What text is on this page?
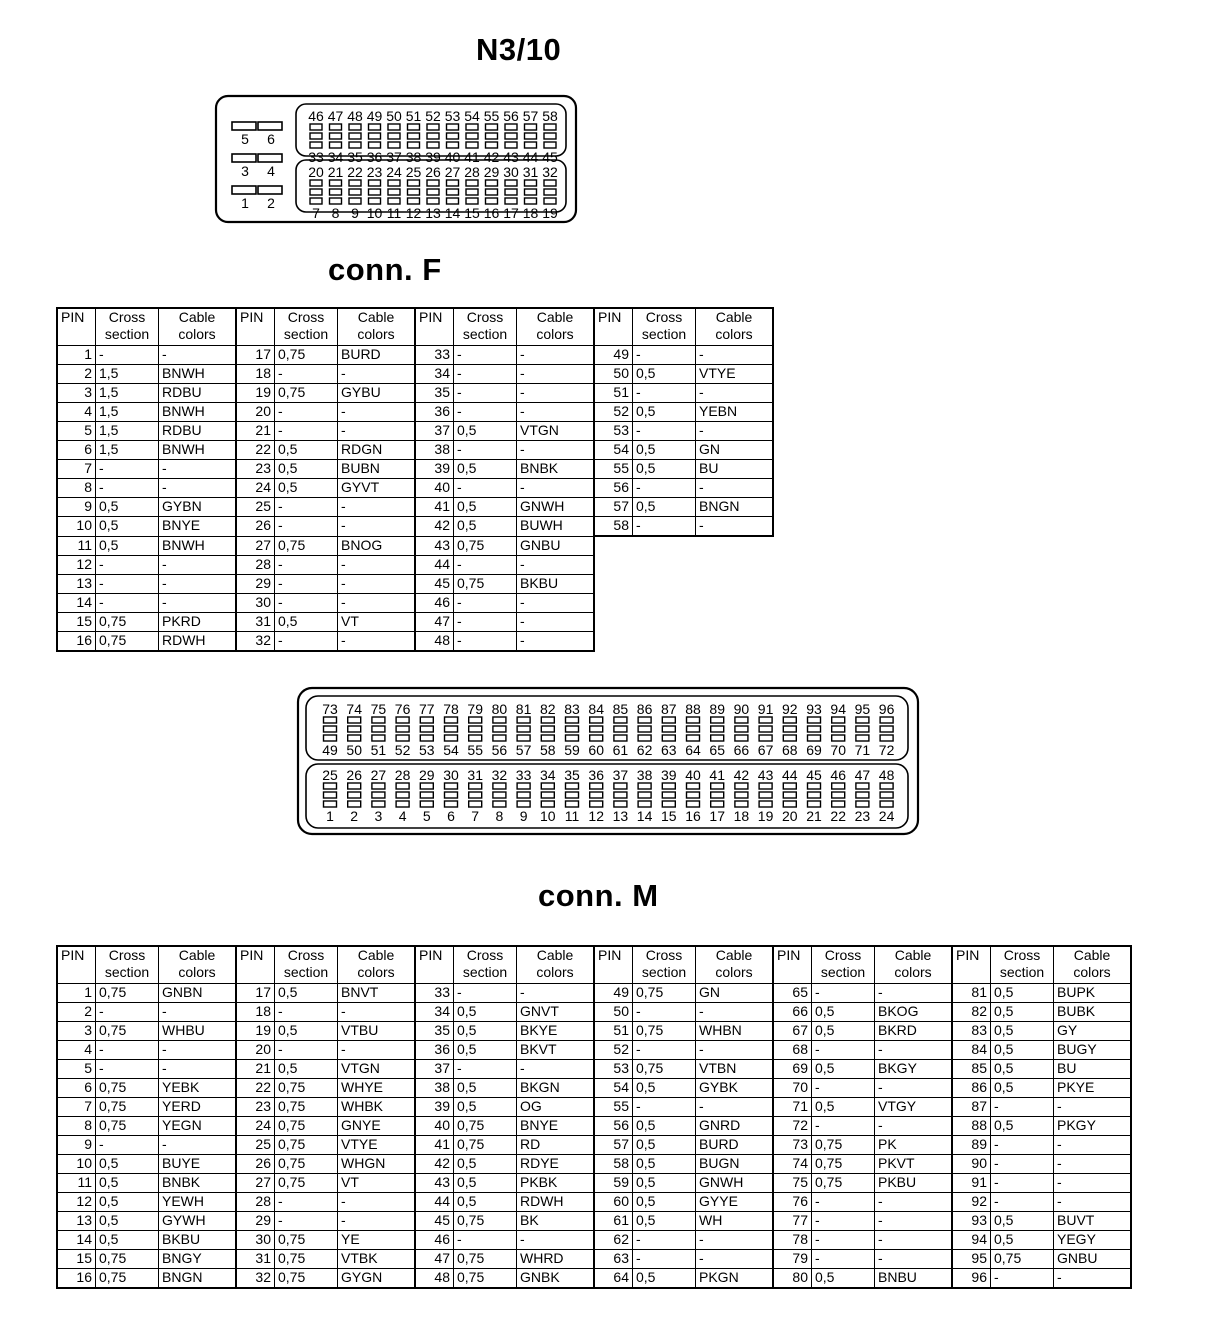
N3/10
46
33
47
34
48
35
49
36
50
37
51
38
52
39
53
40
54
41
55
42
56
43
57
44
58
45
20
7
21
8
22
9
23
10
24
11
25
12
26
13
27
14
28
15
29
16
30
17
31
18
32
19
5 6
3 4
1 2
conn. F
PIN	Cross
section	Cable
colors	PIN	Cross
section	Cable
colors	PIN	Cross
section	Cable
colors	PIN	Cross
section	Cable
colors
1	-	-	17	0,75	BURD	33	-	-	49	-	-
2	1,5	BNWH	18	-	-	34	-	-	50	0,5	VTYE
3	1,5	RDBU	19	0,75	GYBU	35	-	-	51	-	-
4	1,5	BNWH	20	-	-	36	-	-	52	0,5	YEBN
5	1,5	RDBU	21	-	-	37	0,5	VTGN	53	-	-
6	1,5	BNWH	22	0,5	RDGN	38	-	-	54	0,5	GN
7	-	-	23	0,5	BUBN	39	0,5	BNBK	55	0,5	BU
8	-	-	24	0,5	GYVT	40	-	-	56	-	-
9	0,5	GYBN	25	-	-	41	0,5	GNWH	57	0,5	BNGN
10	0,5	BNYE	26	-	-	42	0,5	BUWH	58	-	-
11	0,5	BNWH	27	0,75	BNOG	43	0,75	GNBU			
12	-	-	28	-	-	44	-	-			
13	-	-	29	-	-	45	0,75	BKBU			
14	-	-	30	-	-	46	-	-			
15	0,75	PKRD	31	0,5	VT	47	-	-			
16	0,75	RDWH	32	-	-	48	-	-			
73
49
74
50
75
51
76
52
77
53
78
54
79
55
80
56
81
57
82
58
83
59
84
60
85
61
86
62
87
63
88
64
89
65
90
66
91
67
92
68
93
69
94
70
95
71
96
72
25
1
26
2
27
3
28
4
29
5
30
6
31
7
32
8
33
9
34
10
35
11
36
12
37
13
38
14
39
15
40
16
41
17
42
18
43
19
44
20
45
21
46
22
47
23
48
24
conn. M
PIN	Cross
section	Cable
colors	PIN	Cross
section	Cable
colors	PIN	Cross
section	Cable
colors	PIN	Cross
section	Cable
colors	PIN	Cross
section	Cable
colors	PIN	Cross
section	Cable
colors
1	0,75	GNBN	17	0,5	BNVT	33	-	-	49	0,75	GN	65	-	-	81	0,5	BUPK
2	-	-	18	-	-	34	0,5	GNVT	50	-	-	66	0,5	BKOG	82	0,5	BUBK
3	0,75	WHBU	19	0,5	VTBU	35	0,5	BKYE	51	0,75	WHBN	67	0,5	BKRD	83	0,5	GY
4	-	-	20	-	-	36	0,5	BKVT	52	-	-	68	-	-	84	0,5	BUGY
5	-	-	21	0,5	VTGN	37	-	-	53	0,75	VTBN	69	0,5	BKGY	85	0,5	BU
6	0,75	YEBK	22	0,75	WHYE	38	0,5	BKGN	54	0,5	GYBK	70	-	-	86	0,5	PKYE
7	0,75	YERD	23	0,75	WHBK	39	0,5	OG	55	-	-	71	0,5	VTGY	87	-	-
8	0,75	YEGN	24	0,75	GNYE	40	0,75	BNYE	56	0,5	GNRD	72	-	-	88	0,5	PKGY
9	-	-	25	0,75	VTYE	41	0,75	RD	57	0,5	BURD	73	0,75	PK	89	-	-
10	0,5	BUYE	26	0,75	WHGN	42	0,5	RDYE	58	0,5	BUGN	74	0,75	PKVT	90	-	-
11	0,5	BNBK	27	0,75	VT	43	0,5	PKBK	59	0,5	GNWH	75	0,75	PKBU	91	-	-
12	0,5	YEWH	28	-	-	44	0,5	RDWH	60	0,5	GYYE	76	-	-	92	-	-
13	0,5	GYWH	29	-	-	45	0,75	BK	61	0,5	WH	77	-	-	93	0,5	BUVT
14	0,5	BKBU	30	0,75	YE	46	-	-	62	-	-	78	-	-	94	0,5	YEGY
15	0,75	BNGY	31	0,75	VTBK	47	0,75	WHRD	63	-	-	79	-	-	95	0,75	GNBU
16	0,75	BNGN	32	0,75	GYGN	48	0,75	GNBK	64	0,5	PKGN	80	0,5	BNBU	96	-	-
